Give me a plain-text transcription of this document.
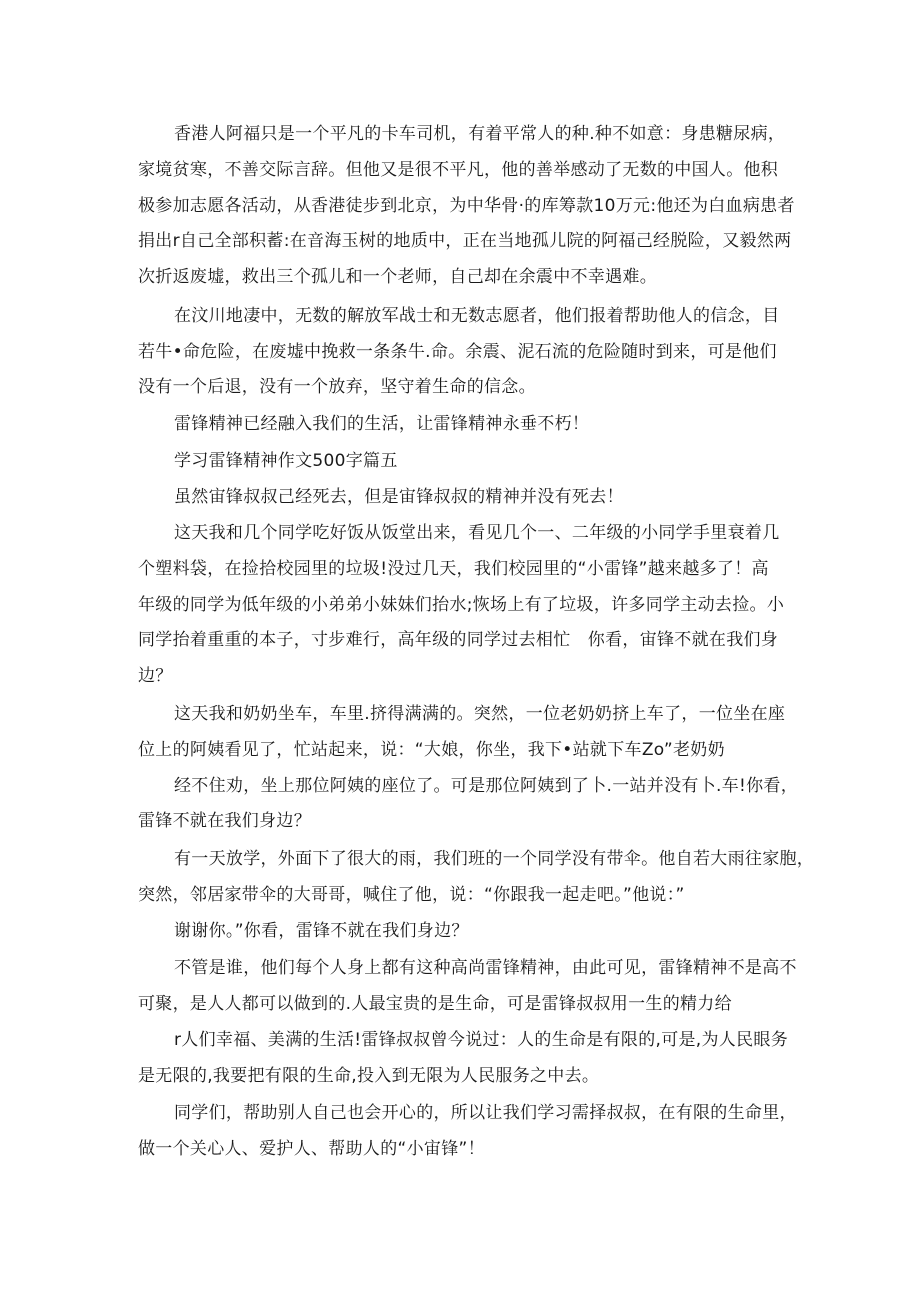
香港人阿福只是一个平凡的卡车司机，有着平常人的种.种不如意：身患糖尿病，
家境贫寒，不善交际言辞。但他又是很不平凡，他的善举感动了无数的中国人。他积
极参加志愿各活动，从香港徒步到北京，为中华骨·的库筹款10万元:他还为白血病患者
捐出r自己全部积蓄:在音海玉树的地质中，正在当地孤儿院的阿福己经脱险，又毅然两
次折返废墟，救出三个孤儿和一个老师，自己却在余震中不幸遇难。
在汶川地凄中，无数的解放军战士和无数志愿者，他们报着帮助他人的信念，目
若牛•命危险，在废墟中挽救一条条牛.命。余震、泥石流的危险随时到来，可是他们
没有一个后退，没有一个放弃，坚守着生命的信念。
雷锋精神已经融入我们的生活，让雷锋精神永垂不朽！
学习雷锋精神作文500字篇五
虽然宙锋叔叔己经死去，但是宙锋叔叔的精神并没有死去！
这天我和几个同学吃好饭从饭堂出来，看见几个一、二年级的小同学手里衰着几
个塑料袋，在捡拾校园里的垃圾!没过几天，我们校园里的“小雷锋”越来越多了！高
年级的同学为低年级的小弟弟小妹妹们抬水;恢场上有了垃圾，许多同学主动去捡。小
同学抬着重重的本子，寸步难行，高年级的同学过去相忙　你看，宙锋不就在我们身
边？
这天我和奶奶坐车，车里.挤得满满的。突然，一位老奶奶挤上车了，一位坐在座
位上的阿姨看见了，忙站起来，说：“大娘，你坐，我下•站就下车Zo”老奶奶
经不住劝，坐上那位阿姨的座位了。可是那位阿姨到了卜.一站并没有卜.车!你看，
雷锋不就在我们身边？
有一天放学，外面下了很大的雨，我们班的一个同学没有带伞。他自若大雨往家胞，
突然，邻居家带伞的大哥哥，喊住了他，说：“你跟我一起走吧。”他说：”
谢谢你。”你看，雷锋不就在我们身边？
不管是谁，他们每个人身上都有这种高尚雷锋精神，由此可见，雷锋精神不是高不
可聚，是人人都可以做到的.人最宝贵的是生命，可是雷锋叔叔用一生的精力给
r人们幸福、美满的生活!雷锋叔叔曾今说过：人的生命是有限的,可是,为人民眼务
是无限的,我要把有限的生命,投入到无限为人民服务之中去。
同学们，帮助别人自己也会开心的，所以让我们学习需择叔叔，在有限的生命里，
做一个关心人、爱护人、帮助人的“小宙锋”！
